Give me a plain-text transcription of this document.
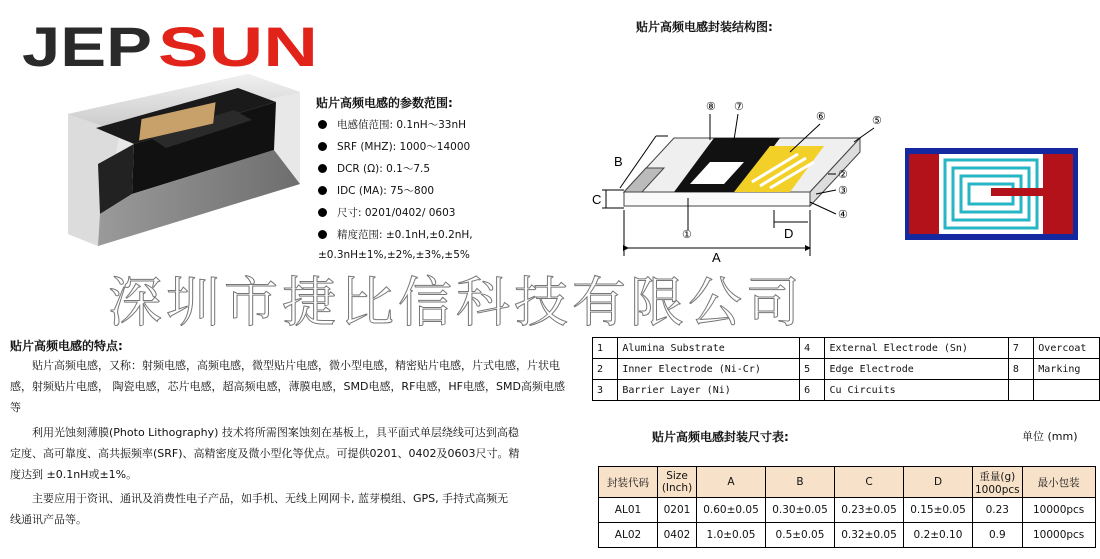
JEP SUN
贴片高频电感的参数范围:
电感值范围: 0.1nH～33nH
SRF (MHZ): 1000～14000
DCR (Ω): 0.1～7.5
IDC (MA): 75～800
尺寸: 0201/0402/ 0603
精度范围: ±0.1nH,±0.2nH,
±0.3nH±1%,±2%,±3%,±5%
贴片高频电感封装结构图:
B
C
D
A
①
②
③
④
⑤
⑥
⑦
⑧
深圳市捷比信科技有限公司
贴片高频电感的特点:
贴片高频电感，又称：射频电感，高频电感，微型贴片电感，微小型电感，精密贴片电感，片式电感，片状电感，射频贴片电感， 陶瓷电感，芯片电感，超高频电感，薄膜电感，SMD电感，RF电感，HF电感，SMD高频电感等
利用光蚀刻薄膜(Photo Lithography) 技术将所需图案蚀刻在基板上，具平面式单层绕线可达到高稳定度、高可靠度、高共振频率(SRF)、高精密度及微小型化等优点。可提供0201、0402及0603尺寸。精度达到 ±0.1nH或±1%。
主要应用于资讯、通讯及消费性电子产品，如手机、无线上网网卡, 蓝芽模组、GPS, 手持式高频无线通讯产品等。
1	Alumina Substrate	4	External Electrode (Sn)	7	Overcoat
2	Inner Electrode (Ni-Cr)	5	Edge Electrode	8	Marking
3	Barrier Layer (Ni)	6	Cu Circuits		
贴片高频电感封装尺寸表:	单位 (mm)
封装代码	Size (Inch)	A	B	C	D	重量(g) 1000pcs	最小包装
AL01	0201	0.60±0.05	0.30±0.05	0.23±0.05	0.15±0.05	0.23	10000pcs
AL02	0402	1.0±0.05	0.5±0.05	0.32±0.05	0.2±0.10	0.9	10000pcs
